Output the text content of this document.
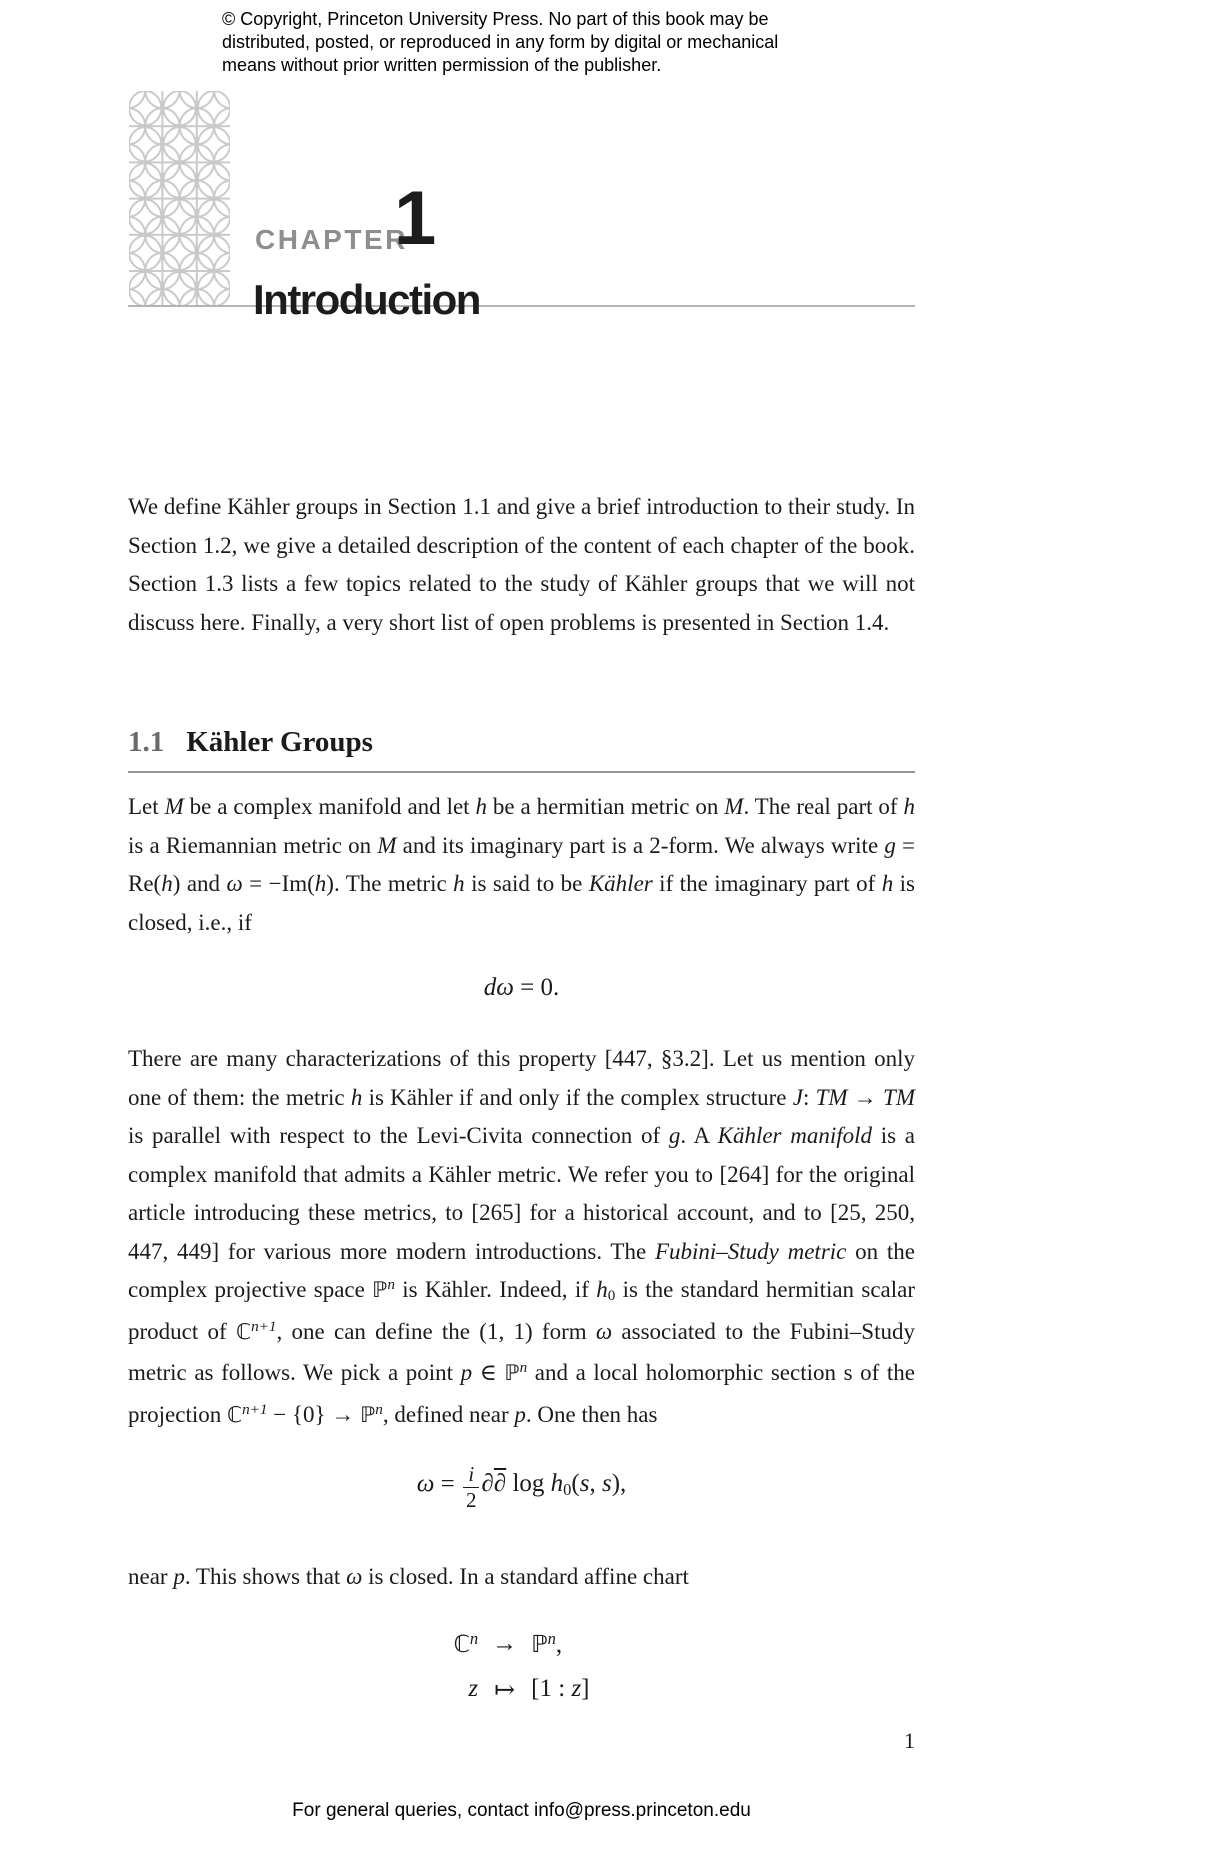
© Copyright, Princeton University Press. No part of this book may be
distributed, posted, or reproduced in any form by digital or mechanical
means without prior written permission of the publisher.
CHAPTER
1
Introduction
We define Kähler groups in Section 1.1 and give a brief introduction to their study. In Section 1.2, we give a detailed description of the content of each chapter of the book. Section 1.3 lists a few topics related to the study of Kähler groups that we will not discuss here. Finally, a very short list of open problems is presented in Section 1.4.
1.1 Kähler Groups
Let M be a complex manifold and let h be a hermitian metric on M. The real part of h is a Riemannian metric on M and its imaginary part is a 2-form. We always write g = Re(h) and ω = −Im(h). The metric h is said to be Kähler if the imaginary part of h is closed, i.e., if
dω = 0.
There are many characterizations of this property [447, §3.2]. Let us mention only one of them: the metric h is Kähler if and only if the complex structure J: TM → TM is parallel with respect to the Levi-Civita connection of g. A Kähler manifold is a complex manifold that admits a Kähler metric. We refer you to [264] for the original article introducing these metrics, to [265] for a historical account, and to [25, 250, 447, 449] for various more modern introductions. The Fubini–Study metric on the complex projective space ℙ$^n$ is Kähler. Indeed, if h0 is the standard hermitian scalar product of ℂ$^{n+1}$, one can define the (1, 1) form ω associated to the Fubini–Study metric as follows. We pick a point p ∈ ℙ$^n$ and a local holomorphic section s of the projection ℂ$^{n+1}$ − {0} → ℙ$^n$, defined near p. One then has
$\omega = \frac{i}{2}$ ∂∂ log h0(s, s),
near p. This shows that ω is closed. In a standard affine chart
ℂ$^n$ → ℙ$^n$,
z ↦ [1 : z]
1
For general queries, contact info@press.princeton.edu
